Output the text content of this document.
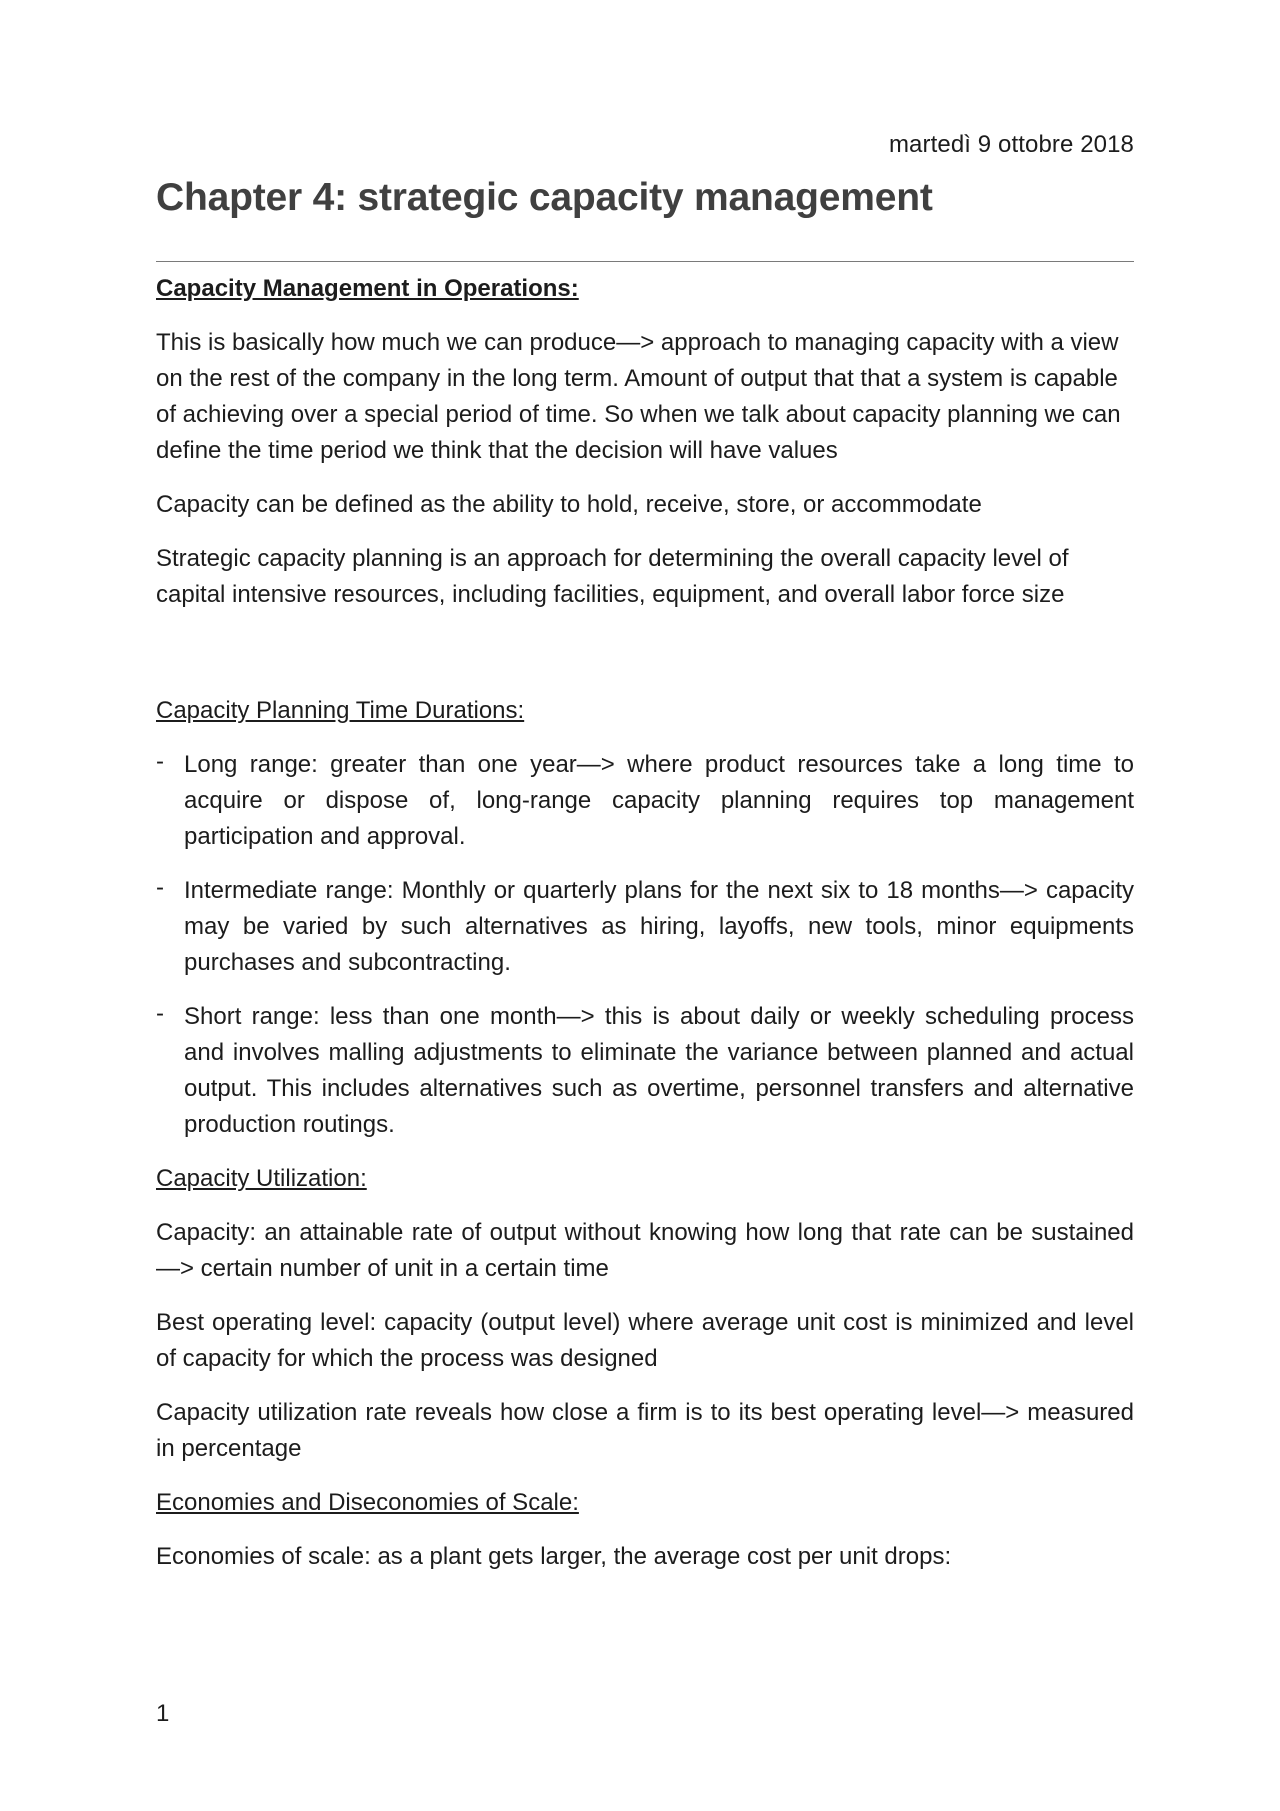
martedì 9 ottobre 2018
Chapter 4: strategic capacity management
Capacity Management in Operations:

This is basically how much we can produce—> approach to managing capacity with a view on the rest of the company in the long term. Amount of output that that a system is capable of achieving over a special period of time. So when we talk about capacity planning we can define the time period we think that the decision will have values

Capacity can be defined as the ability to hold, receive, store, or accommodate

Strategic capacity planning is an approach for determining the overall capacity level of capital intensive resources, including facilities, equipment, and overall labor force size

Capacity Planning Time Durations:
- Long range: greater than one year—> where product resources take a long time to acquire or dispose of, long-range capacity planning requires top management participation and approval.
- Intermediate range: Monthly or quarterly plans for the next six to 18 months—> capacity may be varied by such alternatives as hiring, layoffs, new tools, minor equipments purchases and subcontracting.
- Short range: less than one month—> this is about daily or weekly scheduling process and involves malling adjustments to eliminate the variance between planned and actual output. This includes alternatives such as overtime, personnel transfers and alternative production routings.
Capacity Utilization:

Capacity: an attainable rate of output without knowing how long that rate can be sustained—> certain number of unit in a certain time

Best operating level: capacity (output level) where average unit cost is minimized and level of capacity for which the process was designed

Capacity utilization rate reveals how close a firm is to its best operating level—> measured in percentage

Economies and Diseconomies of Scale:

Economies of scale: as a plant gets larger, the average cost per unit drops:

1
